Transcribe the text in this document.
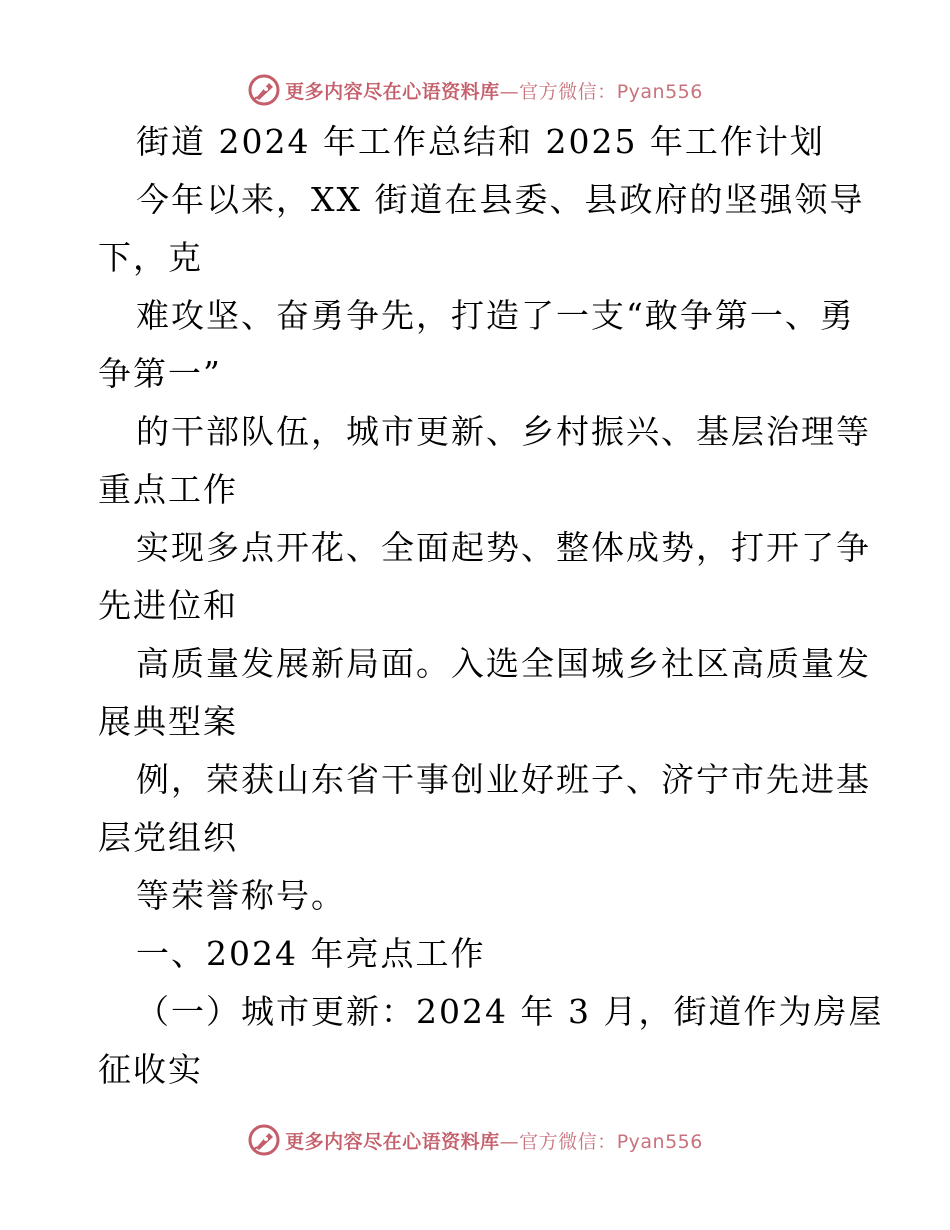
更多内容尽在心语资料库—官方微信：Pyan556
街道 2024 年工作总结和 2025 年工作计划
今年以来，XX 街道在县委、县政府的坚强领导
下，克
难攻坚、奋勇争先，打造了一支“敢争第一、勇
争第一”
的干部队伍，城市更新、乡村振兴、基层治理等
重点工作
实现多点开花、全面起势、整体成势，打开了争
先进位和
高质量发展新局面。入选全国城乡社区高质量发
展典型案
例，荣获山东省干事创业好班子、济宁市先进基
层党组织
等荣誉称号。
一、2024 年亮点工作
（一）城市更新：2024 年 3 月，街道作为房屋
征收实
更多内容尽在心语资料库—官方微信：Pyan556
